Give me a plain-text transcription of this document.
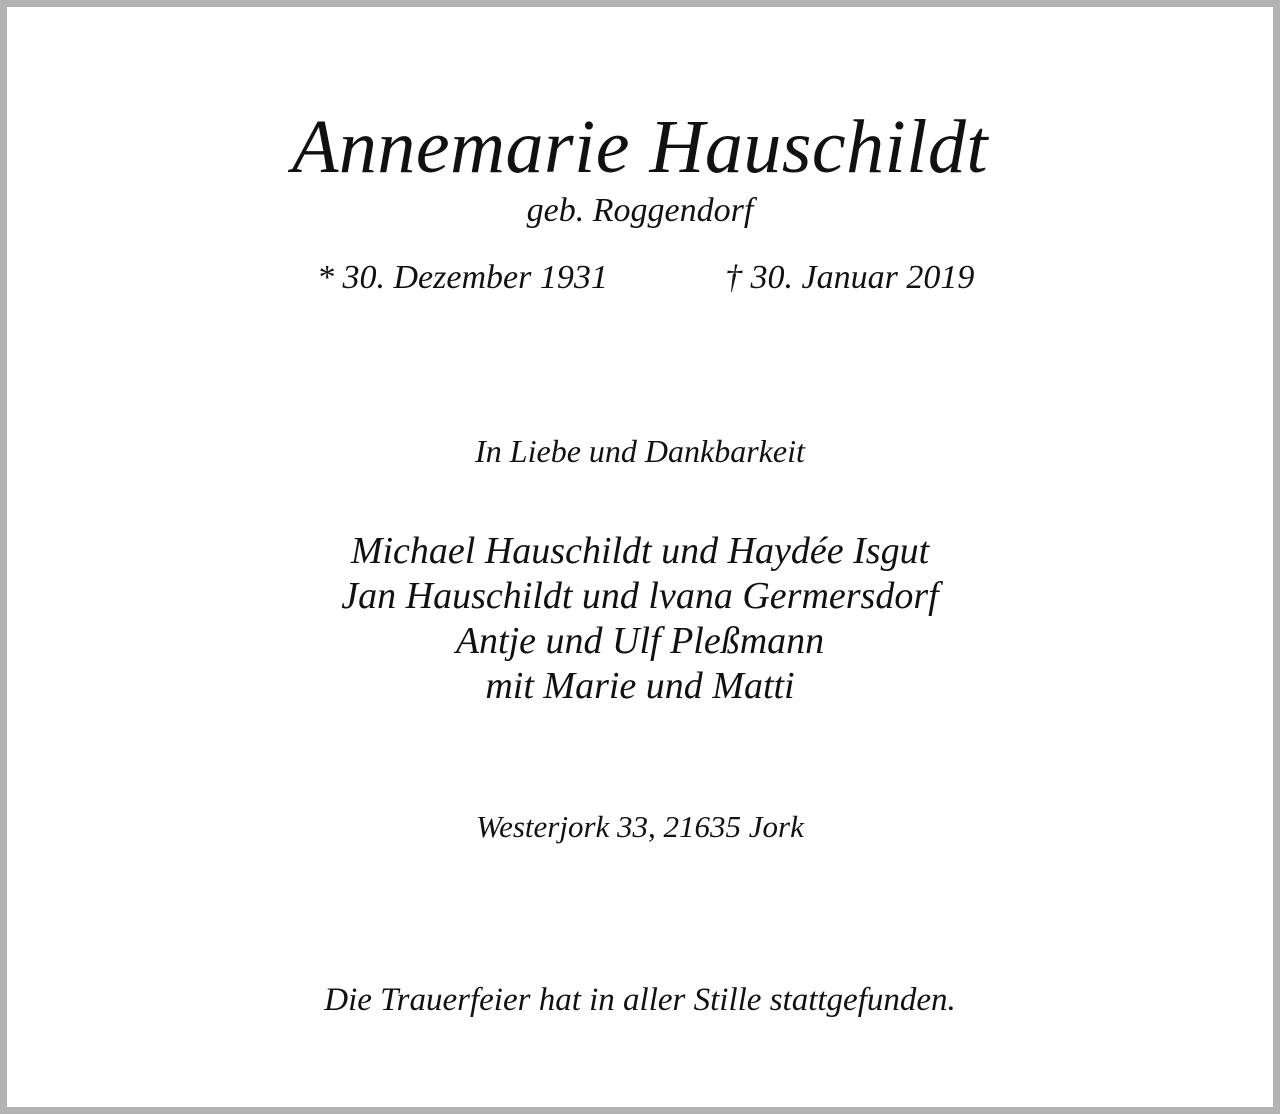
Annemarie Hauschildt
geb. Roggendorf
* 30. Dezember 1931	† 30. Januar 2019
In Liebe und Dankbarkeit
Michael Hauschildt und Haydée Isgut
Jan Hauschildt und lvana Germersdorf
Antje und Ulf Pleßmann
mit Marie und Matti
Westerjork 33, 21635 Jork
Die Trauerfeier hat in aller Stille stattgefunden.
